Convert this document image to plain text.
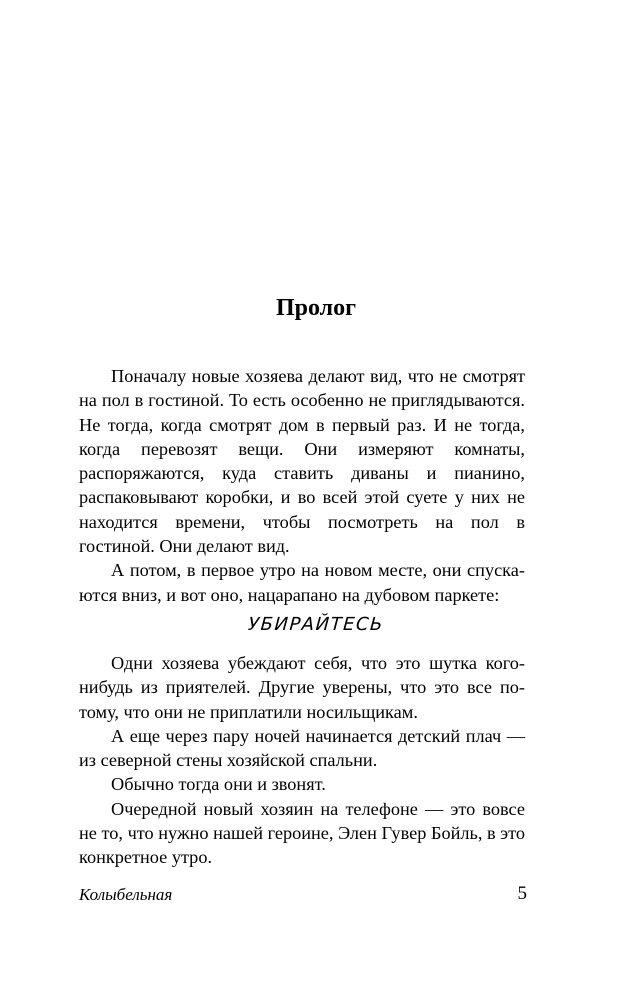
Пролог

Поначалу новые хозяева делают вид, что не смотрят на пол в гостиной. То есть особенно не приглядываются. Не тогда, когда смотрят дом в первый раз. И не тогда, когда перевозят вещи. Они измеряют комнаты, распоряжаются, куда ставить диваны и пианино, распаковывают коробки, и во всей этой суете у них не находится времени, чтобы посмотреть на пол в гостиной. Они делают вид.

А потом, в первое утро на новом месте, они спускаются вниз, и вот оно, нацарапано на дубовом паркете:

УБИРАЙТЕСЬ

Одни хозяева убеждают себя, что это шутка кого-нибудь из приятелей. Другие уверены, что это все потому, что они не приплатили носильщикам.

А еще через пару ночей начинается детский плач — из северной стены хозяйской спальни.

Обычно тогда они и звонят.

Очередной новый хозяин на телефоне — это вовсе не то, что нужно нашей героине, Элен Гувер Бойль, в это конкретное утро.

Колыбельная	5
